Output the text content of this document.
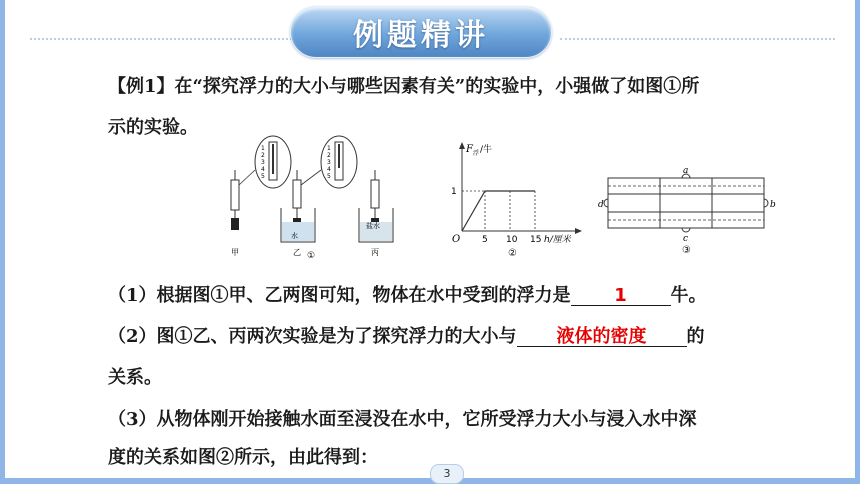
例题精讲
【例1】在“探究浮力的大小与哪些因素有关”的实验中，小强做了如图①所
示的实验。
1
2
3
4
5
水
1
2
3
4
5
盐水
甲	乙	丙
①
F 浮 /牛
1
O 5 10 15 h/厘米
②
a
b
c
d
③
（1）根据图①甲、乙两图可知，物体在水中受到的浮力是 1 牛。
（2）图①乙、丙两次实验是为了探究浮力的大小与 液体的密度 的
关系。
（3）从物体刚开始接触水面至浸没在水中，它所受浮力大小与浸入水中深
度的关系如图②所示，由此得到：
3
